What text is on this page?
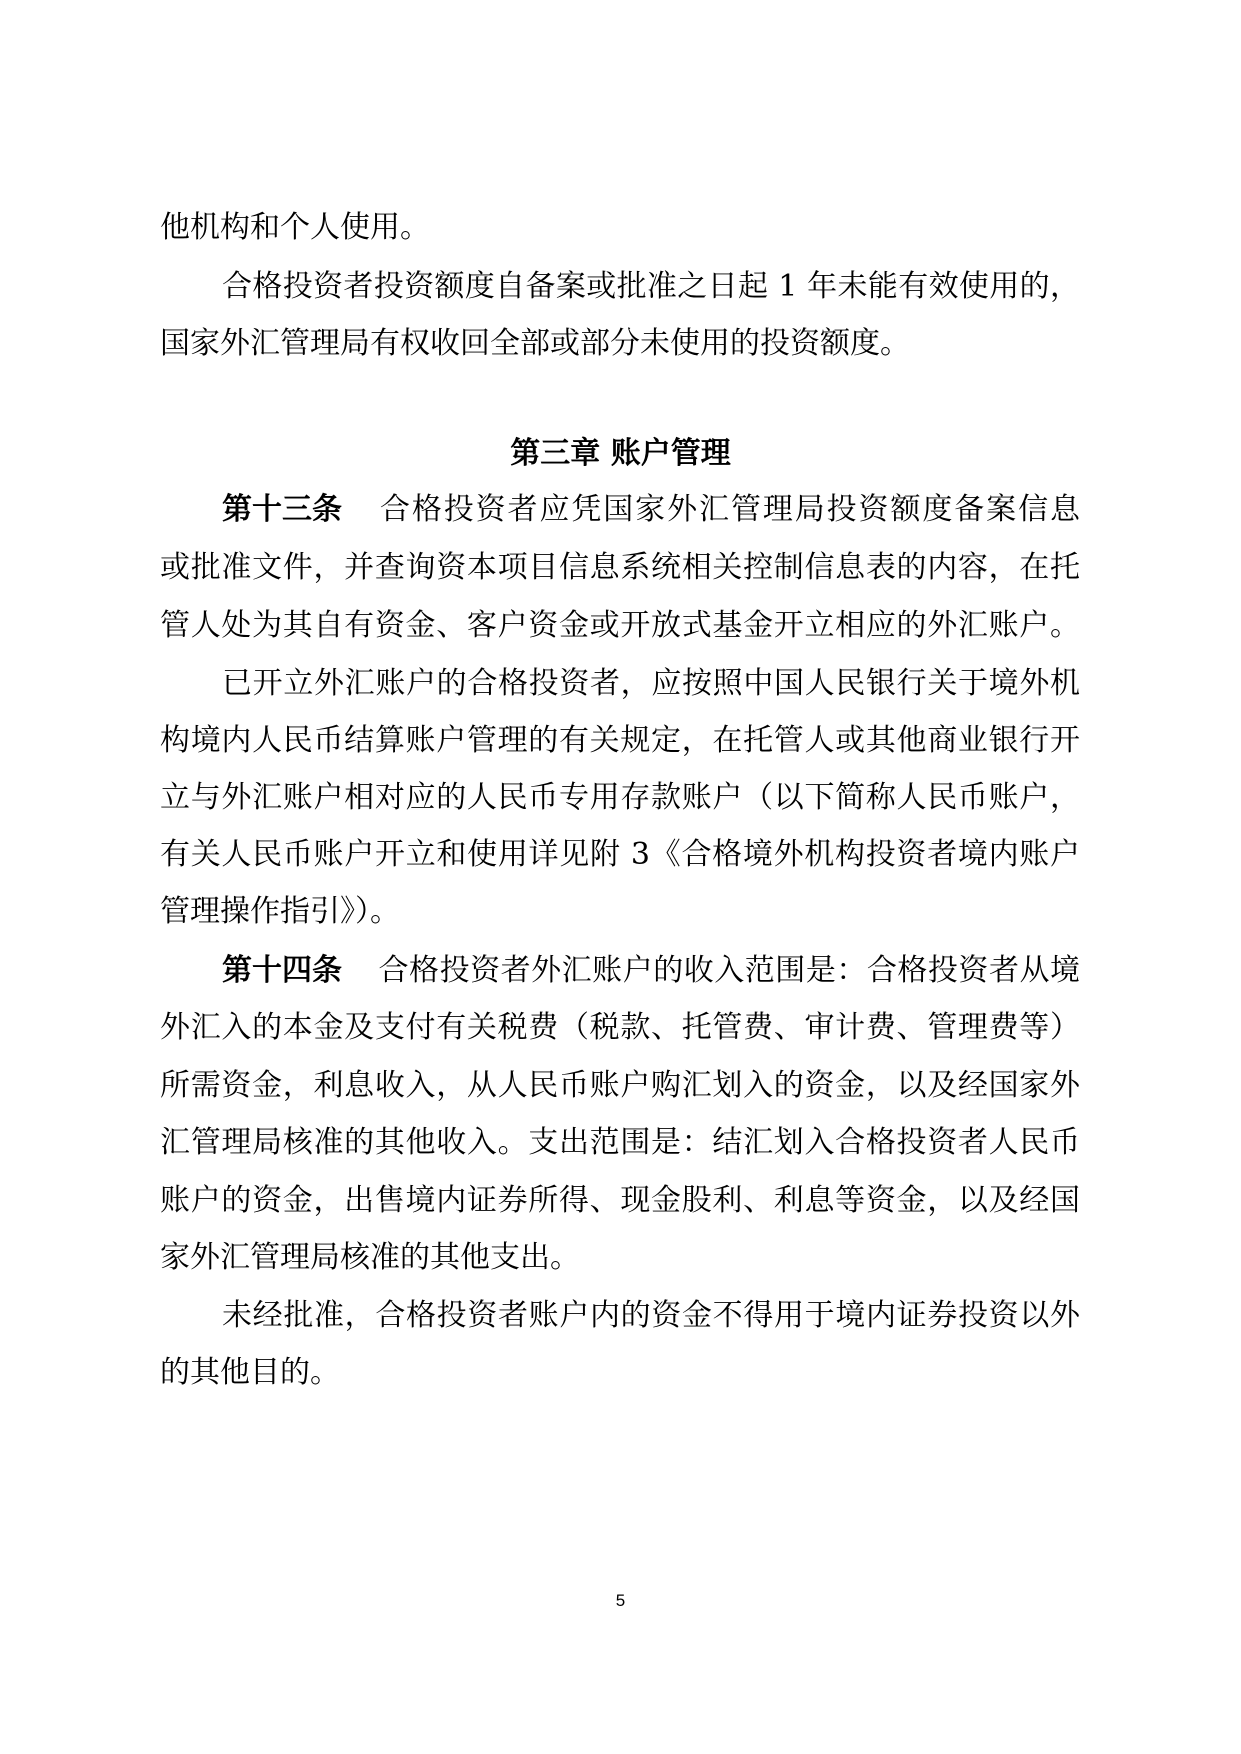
他机构和个人使用。
合格投资者投资额度自备案或批准之日起 1 年未能有效使用的，
国家外汇管理局有权收回全部或部分未使用的投资额度。
第三章 账户管理
第十三条 合格投资者应凭国家外汇管理局投资额度备案信息
或批准文件，并查询资本项目信息系统相关控制信息表的内容，在托
管人处为其自有资金、客户资金或开放式基金开立相应的外汇账户。
已开立外汇账户的合格投资者，应按照中国人民银行关于境外机
构境内人民币结算账户管理的有关规定，在托管人或其他商业银行开
立与外汇账户相对应的人民币专用存款账户（以下简称人民币账户，
有关人民币账户开立和使用详见附 3《合格境外机构投资者境内账户
管理操作指引》）。
第十四条 合格投资者外汇账户的收入范围是：合格投资者从境
外汇入的本金及支付有关税费（税款、托管费、审计费、管理费等）
所需资金，利息收入，从人民币账户购汇划入的资金，以及经国家外
汇管理局核准的其他收入。支出范围是：结汇划入合格投资者人民币
账户的资金，出售境内证券所得、现金股利、利息等资金，以及经国
家外汇管理局核准的其他支出。
未经批准，合格投资者账户内的资金不得用于境内证券投资以外
的其他目的。
5
